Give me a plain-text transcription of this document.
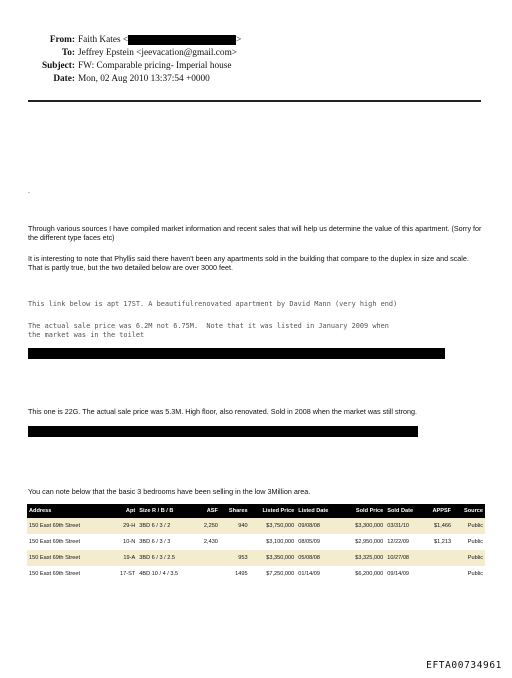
From: Faith Kates <	>
To: Jeffrey Epstein <jeevacation@gmail.com>
Subject: FW: Comparable pricing- Imperial house
Date: Mon, 02 Aug 2010 13:37:54 +0000
.
Through various sources I have compiled market information and recent sales that will help us determine the value of this apartment. (Sorry for the different type faces etc)
It is interesting to note that Phyllis said there haven't been any apartments sold in the building that compare to the duplex in size and scale. That is partly true, but the two detailed below are over 3000 feet.
This link below is apt 17ST. A beautifulrenovated apartment by David Mann (very high end)
The actual sale price was 6.2M not 6.75M.  Note that it was listed in January 2009 when
the market was in the toilet
This one is 22G. The actual sale price was 5.3M. High floor, also renovated. Sold in 2008 when the market was still strong.
You can note below that the basic 3 bedrooms have been selling in the low 3Million area.
Address	Apt	Size R / B / B	ASF	Shares	Listed Price	Listed Date	Sold Price	Sold Date	APPSF	Source
150 East 69th Street	29-H	3BD 6 / 3 / 2	2,250	940	$3,750,000	09/08/08	$3,300,000	03/31/10	$1,466	Public
150 East 69th Street	10-N	3BD 6 / 3 / 3	2,430		$3,100,000	08/05/09	$2,950,000	12/22/09	$1,213	Public
150 East 69th Street	19-A	3BD 6 / 3 / 2.5		953	$3,350,000	05/08/08	$3,325,000	10/27/08		Public
150 East 69th Street	17-ST	4BD 10 / 4 / 3.5		1495	$7,250,000	01/14/09	$6,200,000	09/14/09		Public
EFTA00734961
